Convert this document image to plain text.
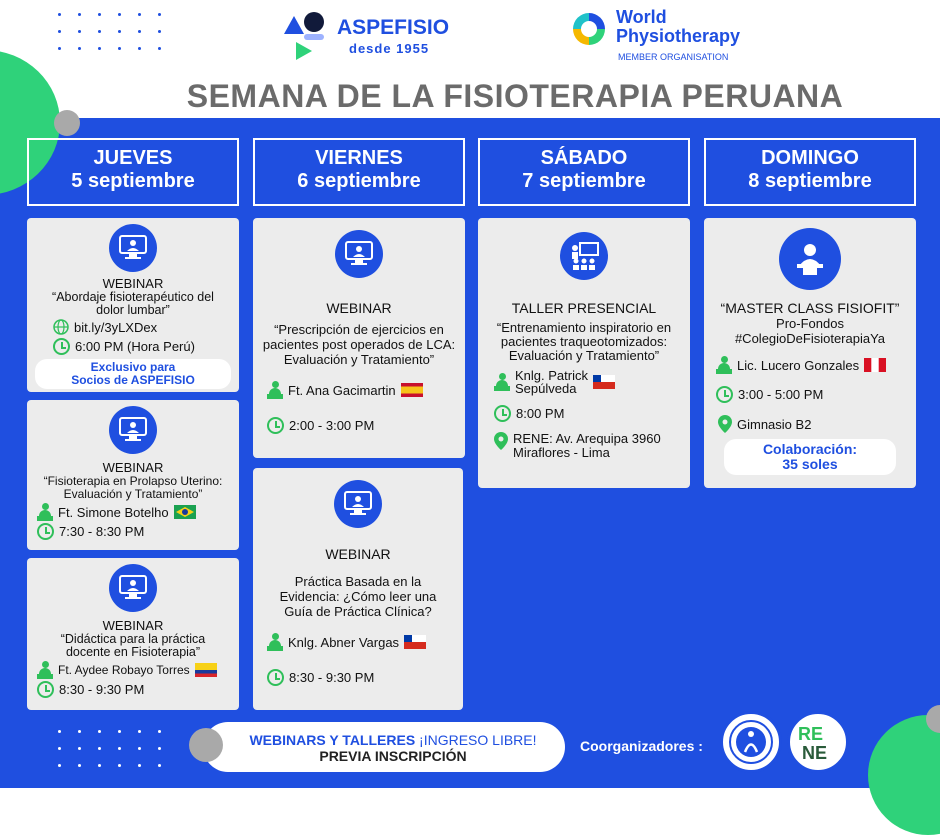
ASPEFISIO
desde 1955
World
Physiotherapy
MEMBER ORGANISATION
SEMANA DE LA FISIOTERAPIA PERUANA
JUEVES
5 septiembre
VIERNES
6 septiembre
SÁBADO
7 septiembre
DOMINGO
8 septiembre
WEBINAR
“Abordaje fisioterapéutico del dolor lumbar”
bit.ly/3yLXDex
6:00 PM (Hora Perú)
Exclusivo para
Socios de ASPEFISIO
WEBINAR
“Fisioterapia en Prolapso Uterino: Evaluación y Tratamiento”
Ft. Simone Botelho
7:30 - 8:30 PM
WEBINAR
“Didáctica para la práctica docente en Fisioterapia”
Ft. Aydee Robayo Torres
8:30 - 9:30 PM
WEBINAR
“Prescripción de ejercicios en pacientes post operados de LCA: Evaluación y Tratamiento”
Ft. Ana Gacimartin
2:00 - 3:00 PM
WEBINAR
Práctica Basada en la Evidencia: ¿Cómo leer una Guía de Práctica Clínica?
Knlg. Abner Vargas
8:30 - 9:30 PM
TALLER PRESENCIAL
“Entrenamiento inspiratorio en pacientes traqueotomizados: Evaluación y Tratamiento”
Knlg. Patrick
Sepúlveda
8:00 PM
RENE: Av. Arequipa 3960
Miraflores - Lima
“MASTER CLASS FISIOFIT”
Pro-Fondos
#ColegioDeFisioterapiaYa
Lic. Lucero Gonzales
3:00 - 5:00 PM
Gimnasio B2
Colaboración:
35 soles
WEBINARS Y TALLERES ¡INGRESO LIBRE!
PREVIA INSCRIPCIÓN
Coorganizadores :
RE
NE
